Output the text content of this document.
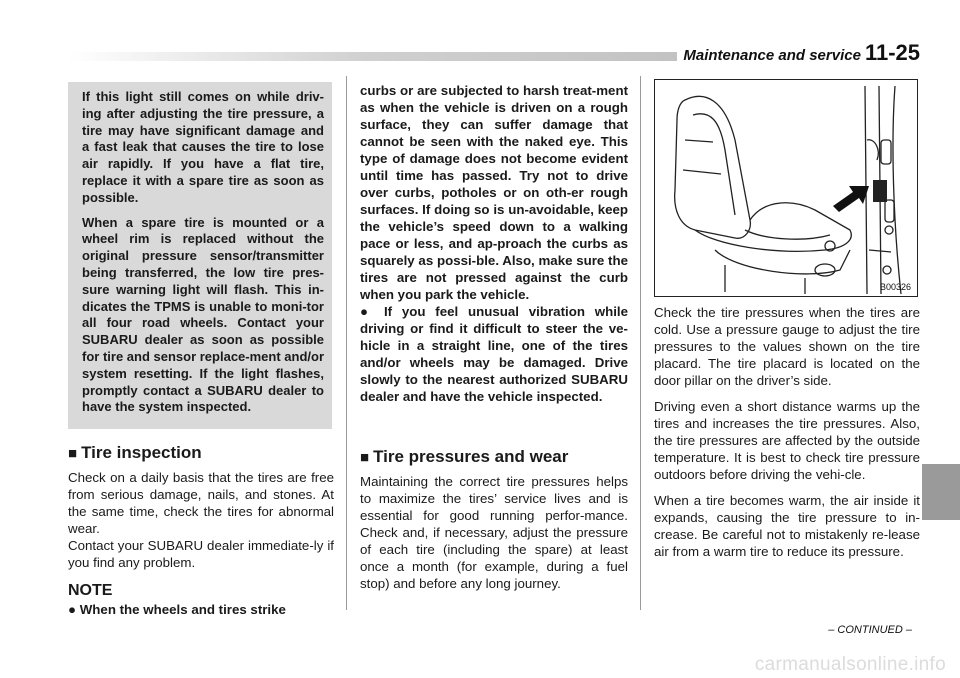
Maintenance and service 11-25

If this light still comes on while driv-ing after adjusting the tire pressure, a tire may have significant damage and a fast leak that causes the tire to lose air rapidly. If you have a flat tire, replace it with a spare tire as soon as possible.

When a spare tire is mounted or a wheel rim is replaced without the original pressure sensor/transmitter being transferred, the low tire pres-sure warning light will flash. This in-dicates the TPMS is unable to moni-tor all four road wheels. Contact your SUBARU dealer as soon as possible for tire and sensor replace-ment and/or system resetting. If the light flashes, promptly contact a SUBARU dealer to have the system inspected.

■ Tire inspection

Check on a daily basis that the tires are free from serious damage, nails, and stones. At the same time, check the tires for abnormal wear.

Contact your SUBARU dealer immediate-ly if you find any problem.

NOTE

● When the wheels and tires strike

curbs or are subjected to harsh treat-ment as when the vehicle is driven on a rough surface, they can suffer damage that cannot be seen with the naked eye. This type of damage does not become evident until time has passed. Try not to drive over curbs, potholes or on oth-er rough surfaces. If doing so is un-avoidable, keep the vehicle’s speed down to a walking pace or less, and ap-proach the curbs as squarely as possi-ble. Also, make sure the tires are not pressed against the curb when you park the vehicle.

● If you feel unusual vibration while driving or find it difficult to steer the ve-hicle in a straight line, one of the tires and/or wheels may be damaged. Drive slowly to the nearest authorized SUBARU dealer and have the vehicle inspected.

■ Tire pressures and wear

Maintaining the correct tire pressures helps to maximize the tires’ service lives and is essential for good running perfor-mance. Check and, if necessary, adjust the pressure of each tire (including the spare) at least once a month (for example, during a fuel stop) and before any long journey.

B00326

Check the tire pressures when the tires are cold. Use a pressure gauge to adjust the tire pressures to the values shown on the tire placard. The tire placard is located on the door pillar on the driver’s side.

Driving even a short distance warms up the tires and increases the tire pressures. Also, the tire pressures are affected by the outside temperature. It is best to check tire pressure outdoors before driving the vehi-cle.

When a tire becomes warm, the air inside it expands, causing the tire pressure to in-crease. Be careful not to mistakenly re-lease air from a warm tire to reduce its pressure.

– CONTINUED –
carmanualsonline.info
